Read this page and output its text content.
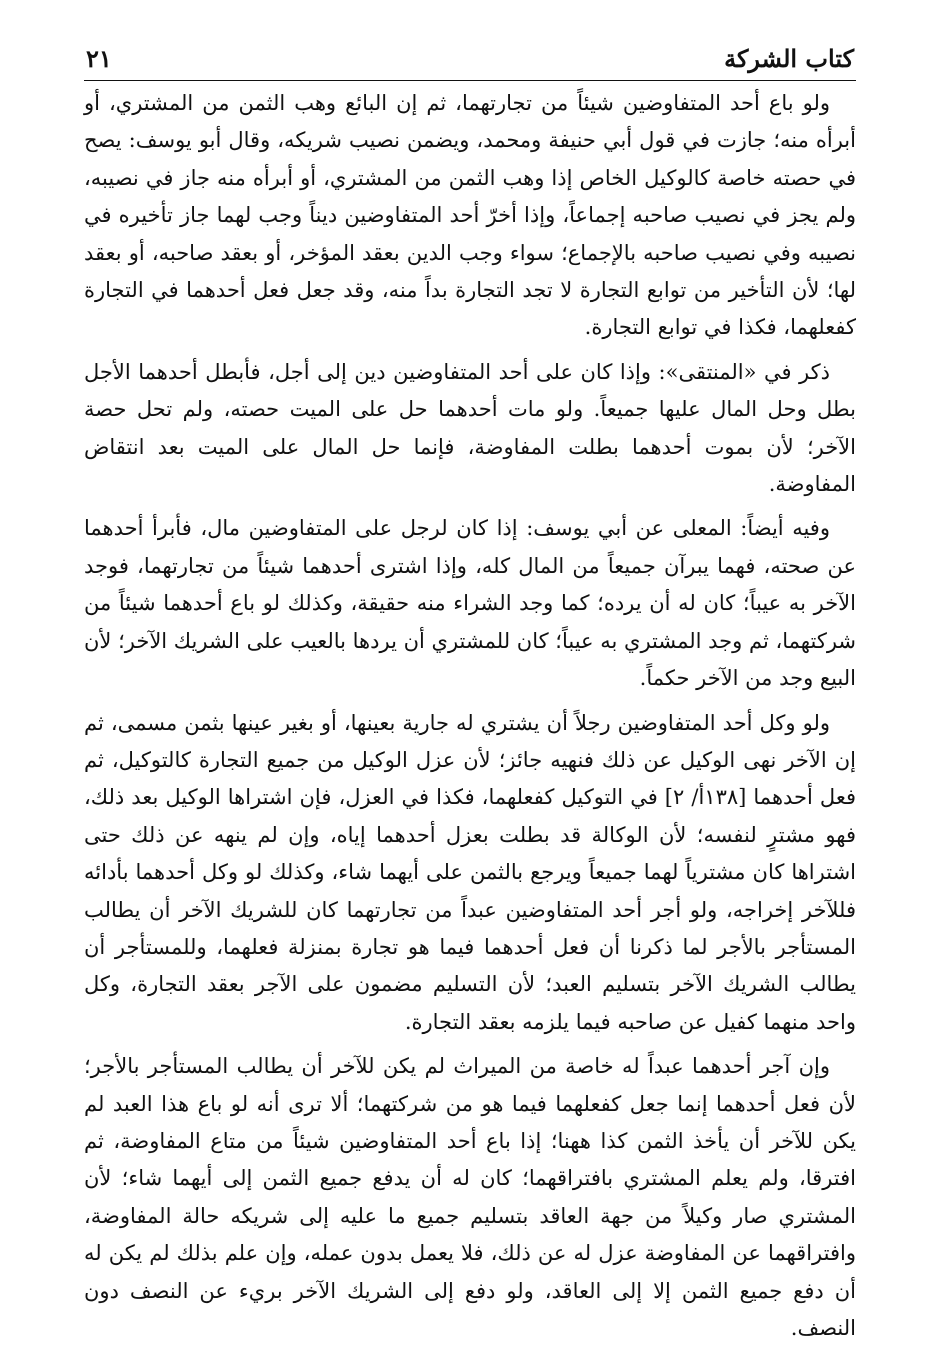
كتاب الشركة
٢١

ولو باع أحد المتفاوضين شيئاً من تجارتهما، ثم إن البائع وهب الثمن من المشتري، أو أبرأه منه؛ جازت في قول أبي حنيفة ومحمد، ويضمن نصيب شريكه، وقال أبو يوسف: يصح في حصته خاصة كالوكيل الخاص إذا وهب الثمن من المشتري، أو أبرأه منه جاز في نصيبه، ولم يجز في نصيب صاحبه إجماعاً، وإذا أخرّ أحد المتفاوضين ديناً وجب لهما جاز تأخيره في نصيبه وفي نصيب صاحبه بالإجماع؛ سواء وجب الدين بعقد المؤخر، أو بعقد صاحبه، أو بعقد لها؛ لأن التأخير من توابع التجارة لا تجد التجارة بداً منه، وقد جعل فعل أحدهما في التجارة كفعلهما، فكذا في توابع التجارة.

ذكر في «المنتقى»: وإذا كان على أحد المتفاوضين دين إلى أجل، فأبطل أحدهما الأجل بطل وحل المال عليها جميعاً. ولو مات أحدهما حل على الميت حصته، ولم تحل حصة الآخر؛ لأن بموت أحدهما بطلت المفاوضة، فإنما حل المال على الميت بعد انتقاض المفاوضة.

وفيه أيضاً: المعلى عن أبي يوسف: إذا كان لرجل على المتفاوضين مال، فأبرأ أحدهما عن صحته، فهما يبرآن جميعاً من المال كله، وإذا اشترى أحدهما شيئاً من تجارتهما، فوجد الآخر به عيباً؛ كان له أن يرده؛ كما وجد الشراء منه حقيقة، وكذلك لو باع أحدهما شيئاً من شركتهما، ثم وجد المشتري به عيباً؛ كان للمشتري أن يردها بالعيب على الشريك الآخر؛ لأن البيع وجد من الآخر حكماً.

ولو وكل أحد المتفاوضين رجلاً أن يشتري له جارية بعينها، أو بغير عينها بثمن مسمى، ثم إن الآخر نهى الوكيل عن ذلك فنهيه جائز؛ لأن عزل الوكيل من جميع التجارة كالتوكيل، ثم فعل أحدهما [١٣٨أ/ ٢] في التوكيل كفعلهما، فكذا في العزل، فإن اشتراها الوكيل بعد ذلك، فهو مشترٍ لنفسه؛ لأن الوكالة قد بطلت بعزل أحدهما إياه، وإن لم ينهه عن ذلك حتى اشتراها كان مشترياً لهما جميعاً ويرجع بالثمن على أيهما شاء، وكذلك لو وكل أحدهما بأدائه فللآخر إخراجه، ولو أجر أحد المتفاوضين عبداً من تجارتهما كان للشريك الآخر أن يطالب المستأجر بالأجر لما ذكرنا أن فعل أحدهما فيما هو تجارة بمنزلة فعلهما، وللمستأجر أن يطالب الشريك الآخر بتسليم العبد؛ لأن التسليم مضمون على الآجر بعقد التجارة، وكل واحد منهما كفيل عن صاحبه فيما يلزمه بعقد التجارة.

وإن آجر أحدهما عبداً له خاصة من الميراث لم يكن للآخر أن يطالب المستأجر بالأجر؛ لأن فعل أحدهما إنما جعل كفعلهما فيما هو من شركتهما؛ ألا ترى أنه لو باع هذا العبد لم يكن للآخر أن يأخذ الثمن كذا ههنا؛ إذا باع أحد المتفاوضين شيئاً من متاع المفاوضة، ثم افترقا، ولم يعلم المشتري بافتراقهما؛ كان له أن يدفع جميع الثمن إلى أيهما شاء؛ لأن المشتري صار وكيلاً من جهة العاقد بتسليم جميع ما عليه إلى شريكه حالة المفاوضة، وافتراقهما عن المفاوضة عزل له عن ذلك، فلا يعمل بدون عمله، وإن علم بذلك لم يكن له أن دفع جميع الثمن إلا إلى العاقد، ولو دفع إلى الشريك الآخر بريء عن النصف دون النصف.
